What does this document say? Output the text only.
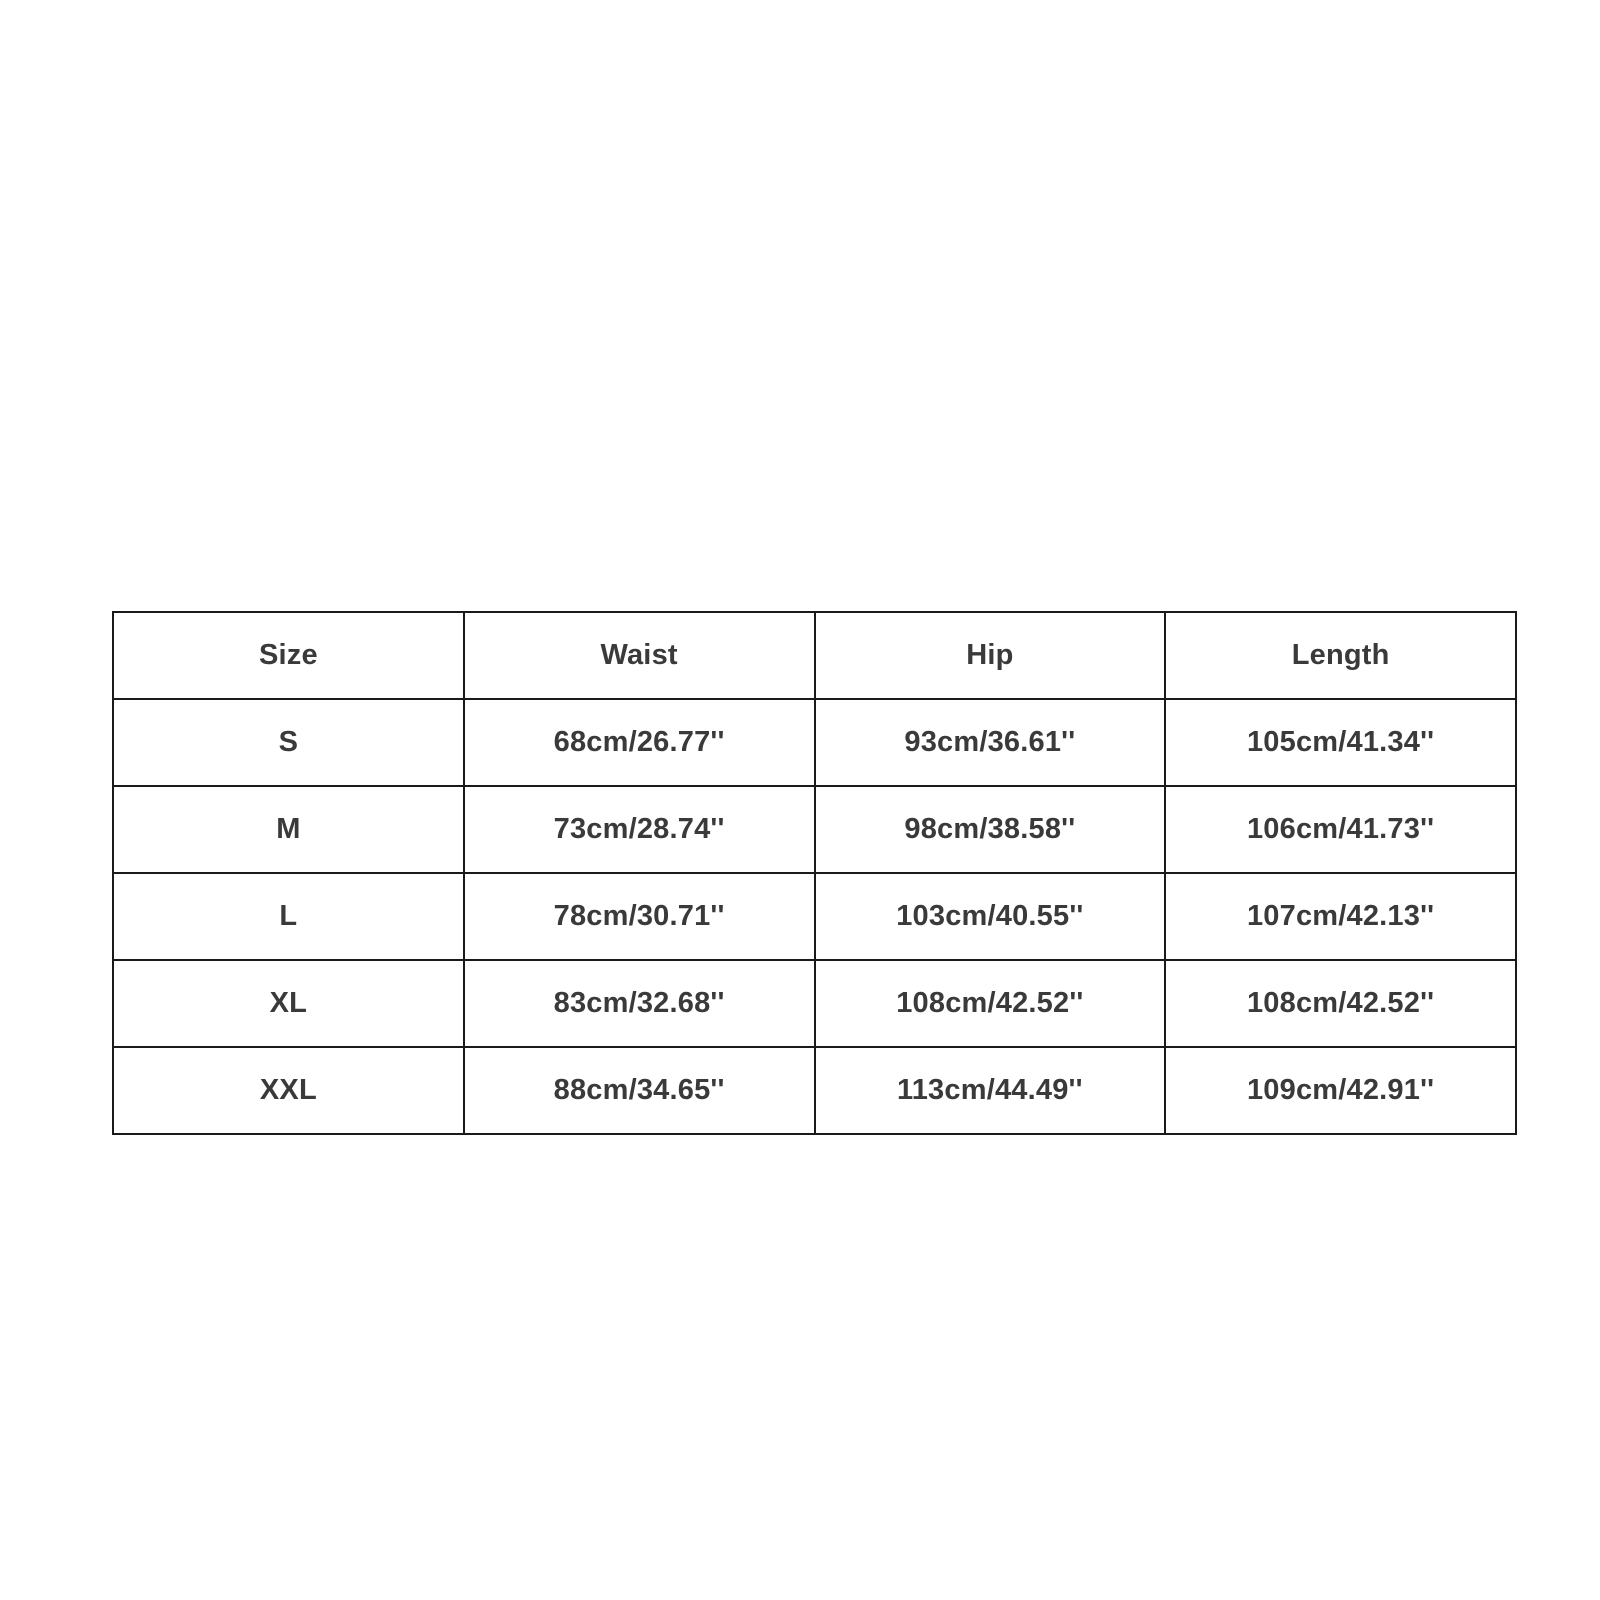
Size	Waist	Hip	Length
S	68cm/26.77''	93cm/36.61''	105cm/41.34''
M	73cm/28.74''	98cm/38.58''	106cm/41.73''
L	78cm/30.71''	103cm/40.55''	107cm/42.13''
XL	83cm/32.68''	108cm/42.52''	108cm/42.52''
XXL	88cm/34.65''	113cm/44.49''	109cm/42.91''
